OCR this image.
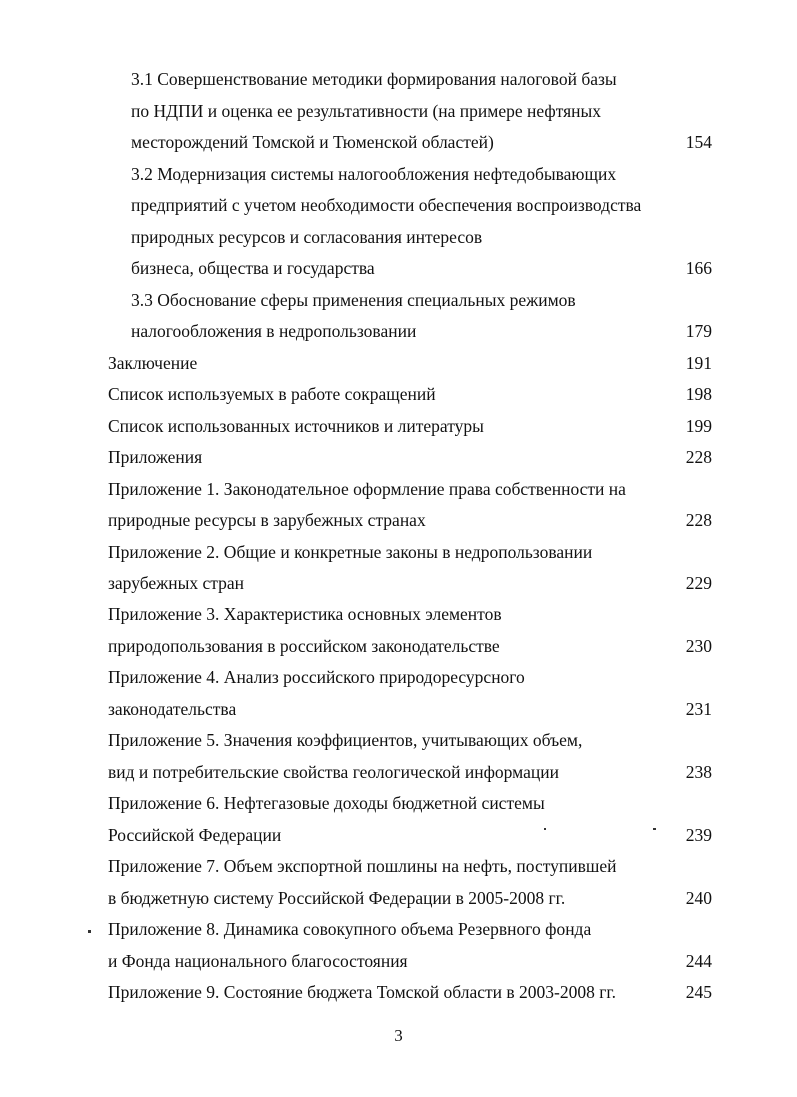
3.1 Совершенствование методики формирования налоговой базы
по НДПИ и оценка ее результативности (на примере нефтяных
месторождений Томской и Тюменской областей)	154
3.2 Модернизация системы налогообложения нефтедобывающих
предприятий с учетом необходимости обеспечения воспроизводства
природных ресурсов и согласования интересов
бизнеса, общества и государства	166
3.3 Обоснование сферы применения специальных режимов
налогообложения в недропользовании	179
Заключение	191
Список используемых в работе сокращений	198
Список использованных источников и литературы	199
Приложения	228
Приложение 1. Законодательное оформление права собственности на
природные ресурсы в зарубежных странах	228
Приложение 2. Общие и конкретные законы в недропользовании
зарубежных стран	229
Приложение 3. Характеристика основных элементов
природопользования в российском законодательстве	230
Приложение 4. Анализ российского природоресурсного
законодательства	231
Приложение 5. Значения коэффициентов, учитывающих объем,
вид и потребительские свойства геологической информации	238
Приложение 6. Нефтегазовые доходы бюджетной системы
Российской Федерации	239
Приложение 7. Объем экспортной пошлины на нефть, поступившей
в бюджетную систему Российской Федерации в 2005-2008 гг.	240
Приложение 8. Динамика совокупного объема Резервного фонда
и Фонда национального благосостояния	244
Приложение 9. Состояние бюджета Томской области в 2003-2008 гг.	245
3
